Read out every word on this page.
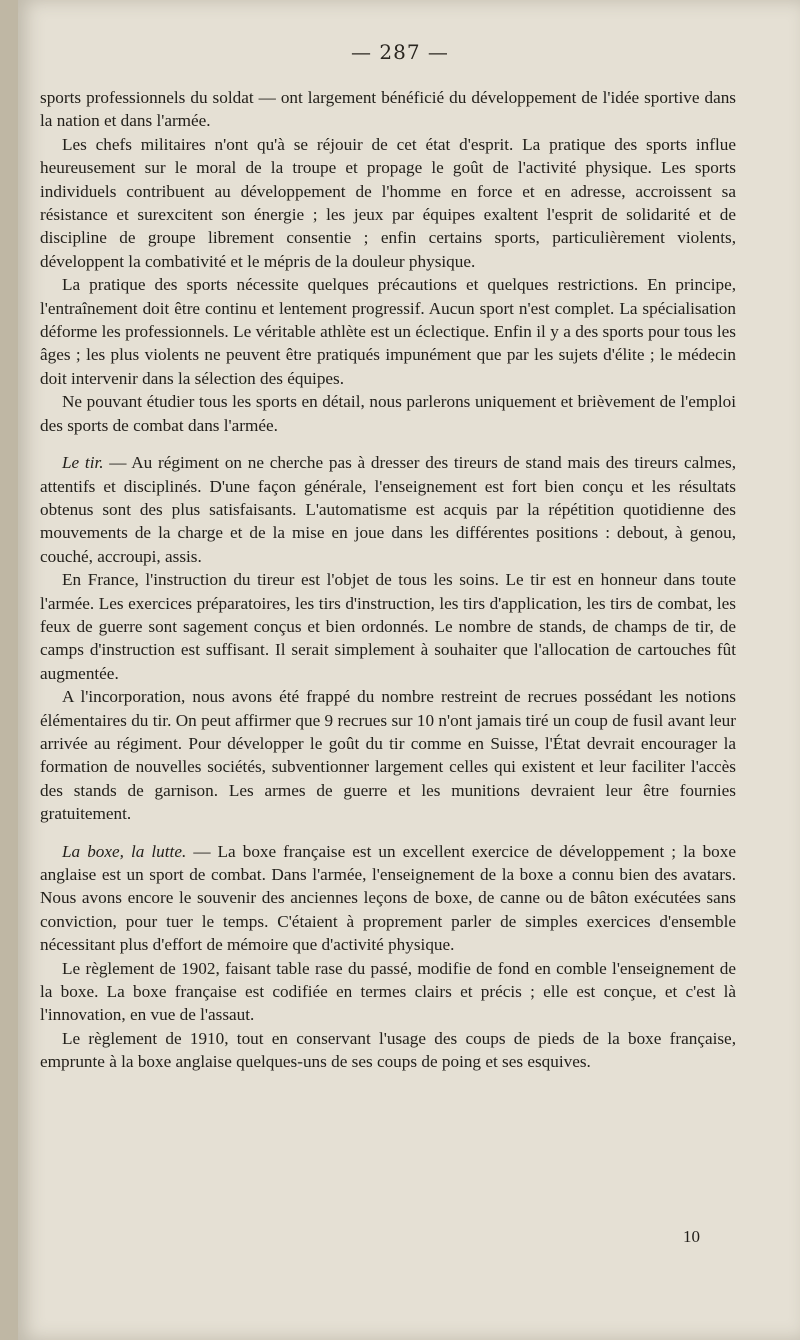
— 287 —

sports professionnels du soldat — ont largement bénéficié du développement de l'idée sportive dans la nation et dans l'armée.

Les chefs militaires n'ont qu'à se réjouir de cet état d'esprit. La pratique des sports influe heureusement sur le moral de la troupe et propage le goût de l'activité physique. Les sports individuels contribuent au développement de l'homme en force et en adresse, accroissent sa résistance et surexcitent son énergie ; les jeux par équipes exaltent l'esprit de solidarité et de discipline de groupe librement consentie ; enfin certains sports, particulièrement violents, développent la combativité et le mépris de la douleur physique.

La pratique des sports nécessite quelques précautions et quelques restrictions. En principe, l'entraînement doit être continu et lentement progressif. Aucun sport n'est complet. La spécialisation déforme les professionnels. Le véritable athlète est un éclectique. Enfin il y a des sports pour tous les âges ; les plus violents ne peuvent être pratiqués impunément que par les sujets d'élite ; le médecin doit intervenir dans la sélection des équipes.

Ne pouvant étudier tous les sports en détail, nous parlerons uniquement et brièvement de l'emploi des sports de combat dans l'armée.

Le tir. — Au régiment on ne cherche pas à dresser des tireurs de stand mais des tireurs calmes, attentifs et disciplinés. D'une façon générale, l'enseignement est fort bien conçu et les résultats obtenus sont des plus satisfaisants. L'automatisme est acquis par la répétition quotidienne des mouvements de la charge et de la mise en joue dans les différentes positions : debout, à genou, couché, accroupi, assis.

En France, l'instruction du tireur est l'objet de tous les soins. Le tir est en honneur dans toute l'armée. Les exercices préparatoires, les tirs d'instruction, les tirs d'application, les tirs de combat, les feux de guerre sont sagement conçus et bien ordonnés. Le nombre de stands, de champs de tir, de camps d'instruction est suffisant. Il serait simplement à souhaiter que l'allocation de cartouches fût augmentée.

A l'incorporation, nous avons été frappé du nombre restreint de recrues possédant les notions élémentaires du tir. On peut affirmer que 9 recrues sur 10 n'ont jamais tiré un coup de fusil avant leur arrivée au régiment. Pour développer le goût du tir comme en Suisse, l'État devrait encourager la formation de nouvelles sociétés, subventionner largement celles qui existent et leur faciliter l'accès des stands de garnison. Les armes de guerre et les munitions devraient leur être fournies gratuitement.

La boxe, la lutte. — La boxe française est un excellent exercice de développement ; la boxe anglaise est un sport de combat. Dans l'armée, l'enseignement de la boxe a connu bien des avatars. Nous avons encore le souvenir des anciennes leçons de boxe, de canne ou de bâton exécutées sans conviction, pour tuer le temps. C'étaient à proprement parler de simples exercices d'ensemble nécessitant plus d'effort de mémoire que d'activité physique.

Le règlement de 1902, faisant table rase du passé, modifie de fond en comble l'enseignement de la boxe. La boxe française est codifiée en termes clairs et précis ; elle est conçue, et c'est là l'innovation, en vue de l'assaut.

Le règlement de 1910, tout en conservant l'usage des coups de pieds de la boxe française, emprunte à la boxe anglaise quelques-uns de ses coups de poing et ses esquives.

10
